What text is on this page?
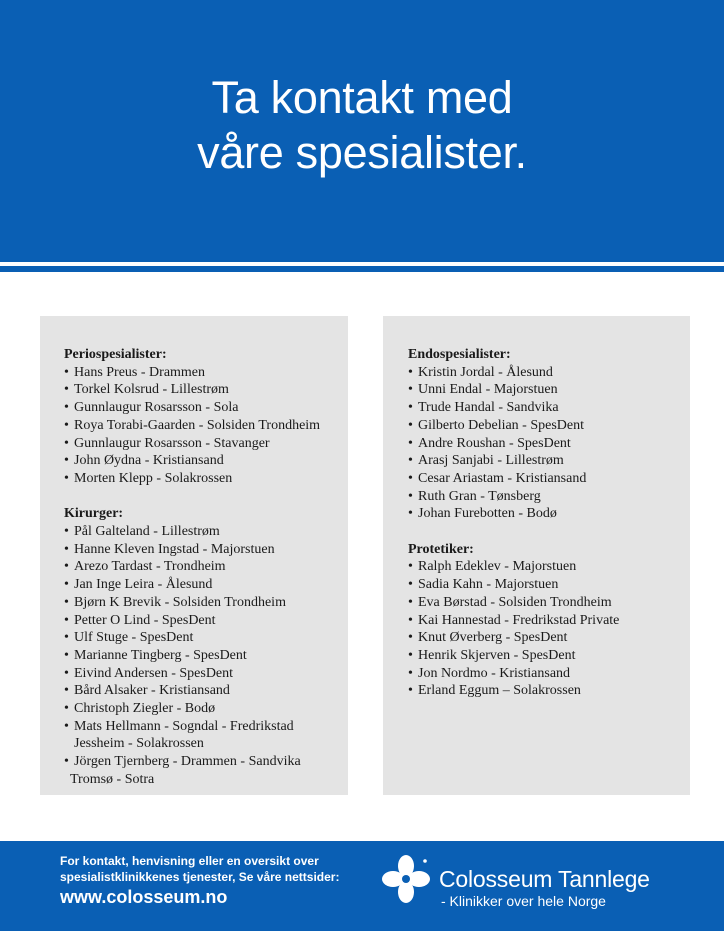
Ta kontakt med
våre spesialister.

Periospesialister:

• Hans Preus - Drammen
• Torkel Kolsrud - Lillestrøm
• Gunnlaugur Rosarsson - Sola
• Roya Torabi-Gaarden - Solsiden Trondheim
• Gunnlaugur Rosarsson - Stavanger
• John Øydna - Kristiansand
• Morten Klepp - Solakrossen

Kirurger:

• Pål Galteland - Lillestrøm
• Hanne Kleven Ingstad - Majorstuen
• Arezo Tardast - Trondheim
• Jan Inge Leira - Ålesund
• Bjørn K Brevik - Solsiden Trondheim
• Petter O Lind - SpesDent
• Ulf Stuge - SpesDent
• Marianne Tingberg - SpesDent
• Eivind Andersen - SpesDent
• Bård Alsaker - Kristiansand
• Christoph Ziegler - Bodø
• Mats Hellmann - Sogndal - Fredrikstad
Jessheim - Solakrossen
• Jörgen Tjernberg - Drammen - Sandvika
Tromsø - Sotra

Endospesialister:

• Kristin Jordal - Ålesund
• Unni Endal - Majorstuen
• Trude Handal - Sandvika
• Gilberto Debelian - SpesDent
• Andre Roushan - SpesDent
• Arasj Sanjabi - Lillestrøm
• Cesar Ariastam - Kristiansand
• Ruth Gran - Tønsberg
• Johan Furebotten - Bodø

Protetiker:

• Ralph Edeklev - Majorstuen
• Sadia Kahn - Majorstuen
• Eva Børstad - Solsiden Trondheim
• Kai Hannestad - Fredrikstad Private
• Knut Øverberg - SpesDent
• Henrik Skjerven - SpesDent
• Jon Nordmo - Kristiansand
• Erland Eggum – Solakrossen
For kontakt, henvisning eller en oversikt over
spesialistklinikkenes tjenester, Se våre nettsider:
www.colosseum.no
Colosseum Tannlege
- Klinikker over hele Norge
